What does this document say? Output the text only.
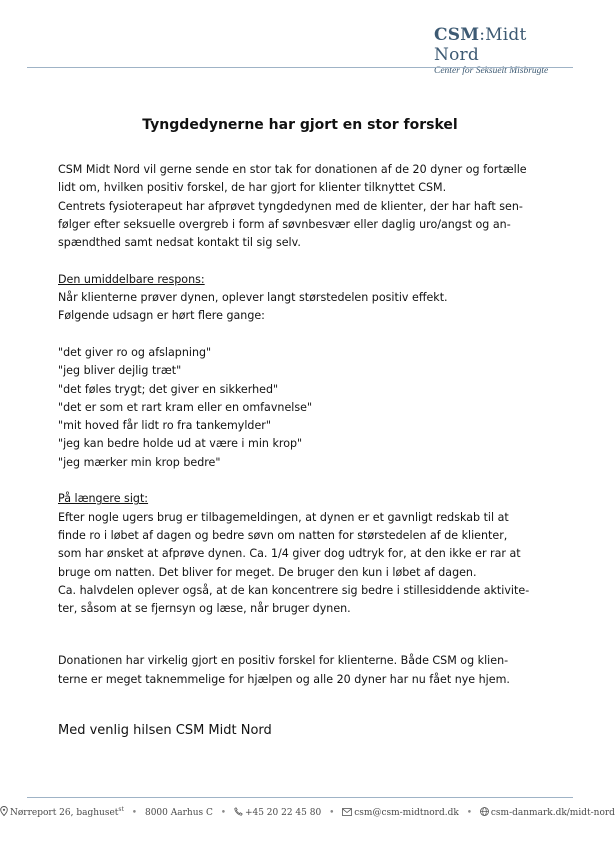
CSM:Midt Nord
Center for Seksuelt Misbrugte
Tyngdedynerne har gjort en stor forskel
CSM Midt Nord vil gerne sende en stor tak for donationen af de 20 dyner og fortælle
lidt om, hvilken positiv forskel, de har gjort for klienter tilknyttet CSM.
Centrets fysioterapeut har afprøvet tyngdedynen med de klienter, der har haft sen-
følger efter seksuelle overgreb i form af søvnbesvær eller daglig uro/angst og an-
spændthed samt nedsat kontakt til sig selv.
Den umiddelbare respons:
Når klienterne prøver dynen, oplever langt størstedelen positiv effekt.
Følgende udsagn er hørt flere gange:
"det giver ro og afslapning"
"jeg bliver dejlig træt"
"det føles trygt; det giver en sikkerhed"
"det er som et rart kram eller en omfavnelse"
"mit hoved får lidt ro fra tankemylder"
"jeg kan bedre holde ud at være i min krop"
"jeg mærker min krop bedre"
På længere sigt:
Efter nogle ugers brug er tilbagemeldingen, at dynen er et gavnligt redskab til at
finde ro i løbet af dagen og bedre søvn om natten for størstedelen af de klienter,
som har ønsket at afprøve dynen. Ca. 1/4 giver dog udtryk for, at den ikke er rar at
bruge om natten. Det bliver for meget. De bruger den kun i løbet af dagen.
Ca. halvdelen oplever også, at de kan koncentrere sig bedre i stillesiddende aktivite-
ter, såsom at se fjernsyn og læse, når bruger dynen.
Donationen har virkelig gjort en positiv forskel for klienterne. Både CSM og klien-
terne er meget taknemmelige for hjælpen og alle 20 dyner har nu fået nye hjem.
Med venlig hilsen CSM Midt Nord
Nørreport 26, baghuset$^{st}$ • 8000 Aarhus C • +45 20 22 45 80 • csm@csm-midtnord.dk • csm-danmark.dk/midt-nord
